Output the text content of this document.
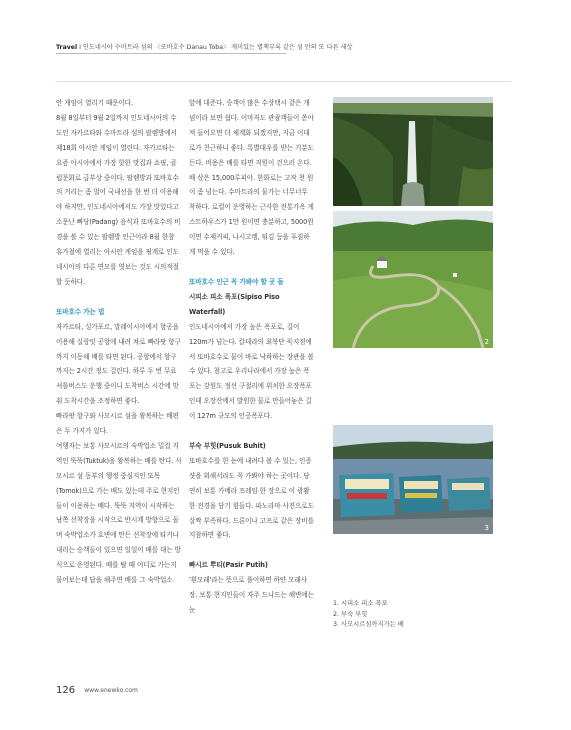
Travel I 인도네시아 수마트라 섬의 〈또바호수 Danau Toba〉 재미있는 별책부록 같은 섬 안의 또 다른 세상
안 게임이 열리기 때문이다.
8월 8일부터 9월 2일까지 인도네시아의 수도인 자카르타와 수마트라 섬의 팔렘방에서 제18회 아시안 게임이 열린다. 자카르타는 요즘 아시아에서 가장 핫한 맛집과 쇼핑, 클럽문화로 급부상 중이다. 팔렘방과 또바호수의 거리는 좀 멀어 국내선을 한 번 더 이용해야 하지만, 인도네시아에서도 가장 맛있다고 소문난 빠당(Padang) 음식과 또바호수의 비경을 볼 수 있는 팔렘방 인근이라 8월 한참 휴가철에 열리는 아시안 게임을 핑계로 인도네시아의 다른 면모를 엿보는 것도 시의적절할 듯하다.
또바호수 가는 법
자카르타, 싱가포르, 말레이시아에서 항공을 이용해 실랑잇 공항에 내려 차로 빠라팟 항구까지 이동해 배를 타면 된다. 공항에서 항구까지는 2시간 정도 걸린다. 하루 두 번 무료 셔틀버스도 운행 중이니 도착버스 시간에 맞춰 도착시간을 조정하면 좋다.
빠라팟 항구와 사모시르 섬을 왕복하는 배편은 두 가지가 있다.
여행자는 보통 사모시르의 숙박업소 밀집 지역인 뚝뚝(Tuktuk)을 왕복하는 배를 탄다. 사모시르 섬 동부의 행정 중심지인 또목(Tomok)으로 가는 배도 있는데 주로 현지인들이 이용하는 배다. 뚝뚝 지역이 시작하는 남쪽 선착장을 시작으로 반시계 방향으로 돌며 숙박업소가 호변에 만든 선착장에 타거나 내리는 승객들이 있으면 일일이 배를 대는 방식으로 운영된다. 배를 탈 때 어디로 가는지 물어보는데 답을 해주면 배를 그 숙박업소
앞에 대준다. 승객이 많은 수상택시 같은 개념이라 보면 쉽다. 이마저도 관광객들이 쏟아져 들어오면 더 체계화 되겠지만, 지금 이대로가 친근하니 좋다. 특별대우를 받는 기분도 든다. 비용은 배를 타면 직원이 걷으러 온다. 배 삯은 15,000루피아. 한화로는 고작 천 원이 좀 넘는다. 수마트라의 물가는 너무너무 착하다. 로컬이 운영하는 근사한 전통가옥 게스트하우스가 1만 원이면 충분하고, 5000원이면 수제커피, 나시고렝, 튀김 등을 푸짐하게 먹을 수 있다.
또바호수 인근 꼭 가봐야 할 곳 들
시피소 피소 폭포(Sipiso Piso Waterfall)
인도네시아에서 가장 높은 폭포로, 길이 120m가 넘는다. 칼데라의 최북단 꼭지점에서 또바호수로 물이 바로 낙하하는 장관을 볼 수 있다. 참고로 우리나라에서 가장 높은 폭포는 강원도 정선 구절리에 위치한 오장폭포인데 오장산에서 발원한 물로 만들어놓은 길이 127m 규모의 인공폭포다.
부숙 부힛(Pusuk Buhit)
또바호수를 한 눈에 내려다 볼 수 있는, 인증샷을 위해서라도 꼭 가봐야 하는 곳이다. 당연히 보통 카메라 프레임 한 장으로 이 광활한 전경을 담기 힘들다. 파노라마 사진으로도 살짝 부족하다. 드론이나 고프로 같은 장비를 지참하면 좋다.
빠시르 뿌티(Pasir Putih)
'흰모래'라는 뜻으로 풀이하면 하얀 모래사장. 보통 현지인들이 자주 드나드는 해변에는 눈
2
3
1. 시피소 피소 폭포
2. 부숙 부힛
3. 사모시르섬까지가는 배
126 www.enewko.com
